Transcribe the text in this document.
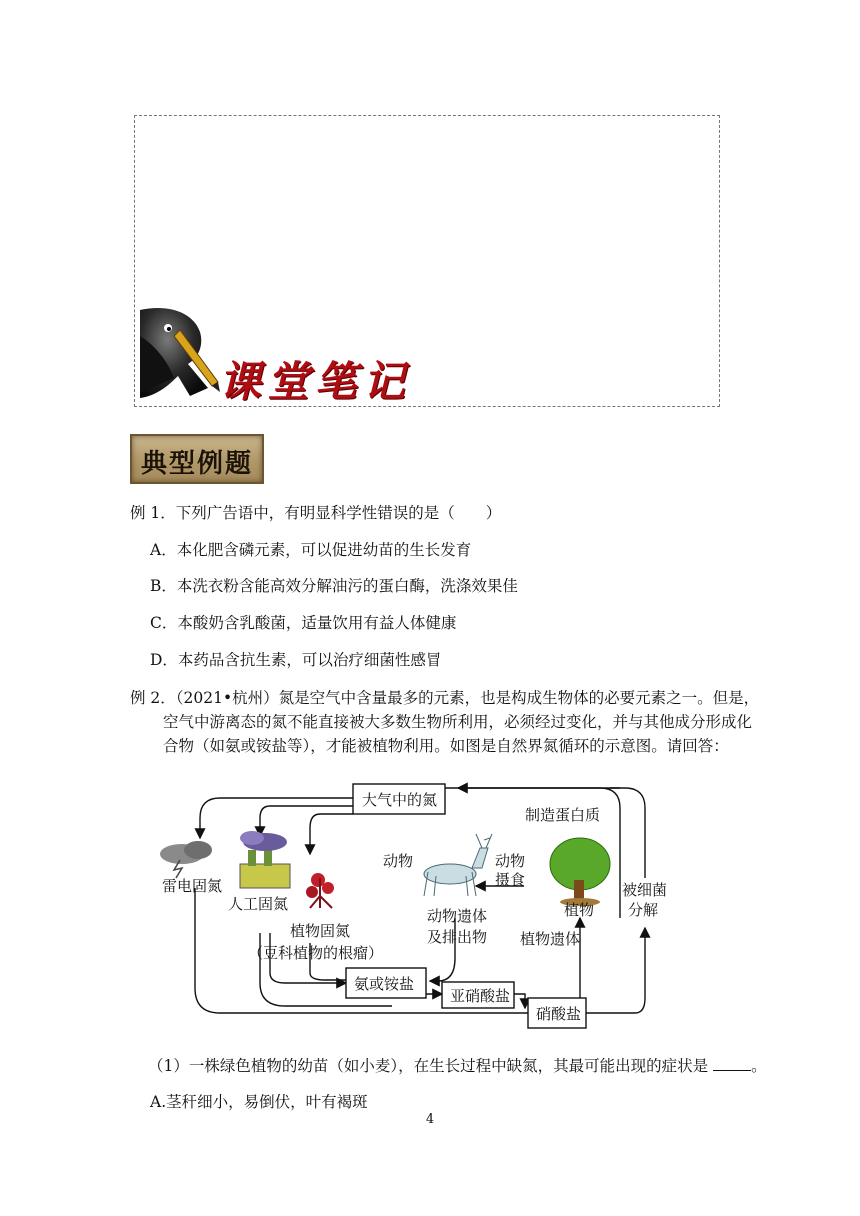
课堂笔记
典型例题
例 1．下列广告语中，有明显科学性错误的是（　　）
A．本化肥含磷元素，可以促进幼苗的生长发育
B．本洗衣粉含能高效分解油污的蛋白酶，洗涤效果佳
C．本酸奶含乳酸菌，适量饮用有益人体健康
D．本药品含抗生素，可以治疗细菌性感冒
例 2．（2021•杭州）氮是空气中含量最多的元素，也是构成生物体的必要元素之一。但是，
空气中游离态的氮不能直接被大多数生物所利用，必须经过变化，并与其他成分形成化
合物（如氨或铵盐等），才能被植物利用。如图是自然界氮循环的示意图。请回答：
大气中的氮
制造蛋白质
雷电固氮
人工固氮
植物固氮
（豆科植物的根瘤）
动物	动物
摄食
植物
被细菌
分解
动物遗体
及排出物 植物遗体
氨或铵盐
亚硝酸盐
硝酸盐
（1）一株绿色植物的幼苗（如小麦），在生长过程中缺氮，其最可能出现的症状是	。
A.茎秆细小，易倒伏，叶有褐斑
4
